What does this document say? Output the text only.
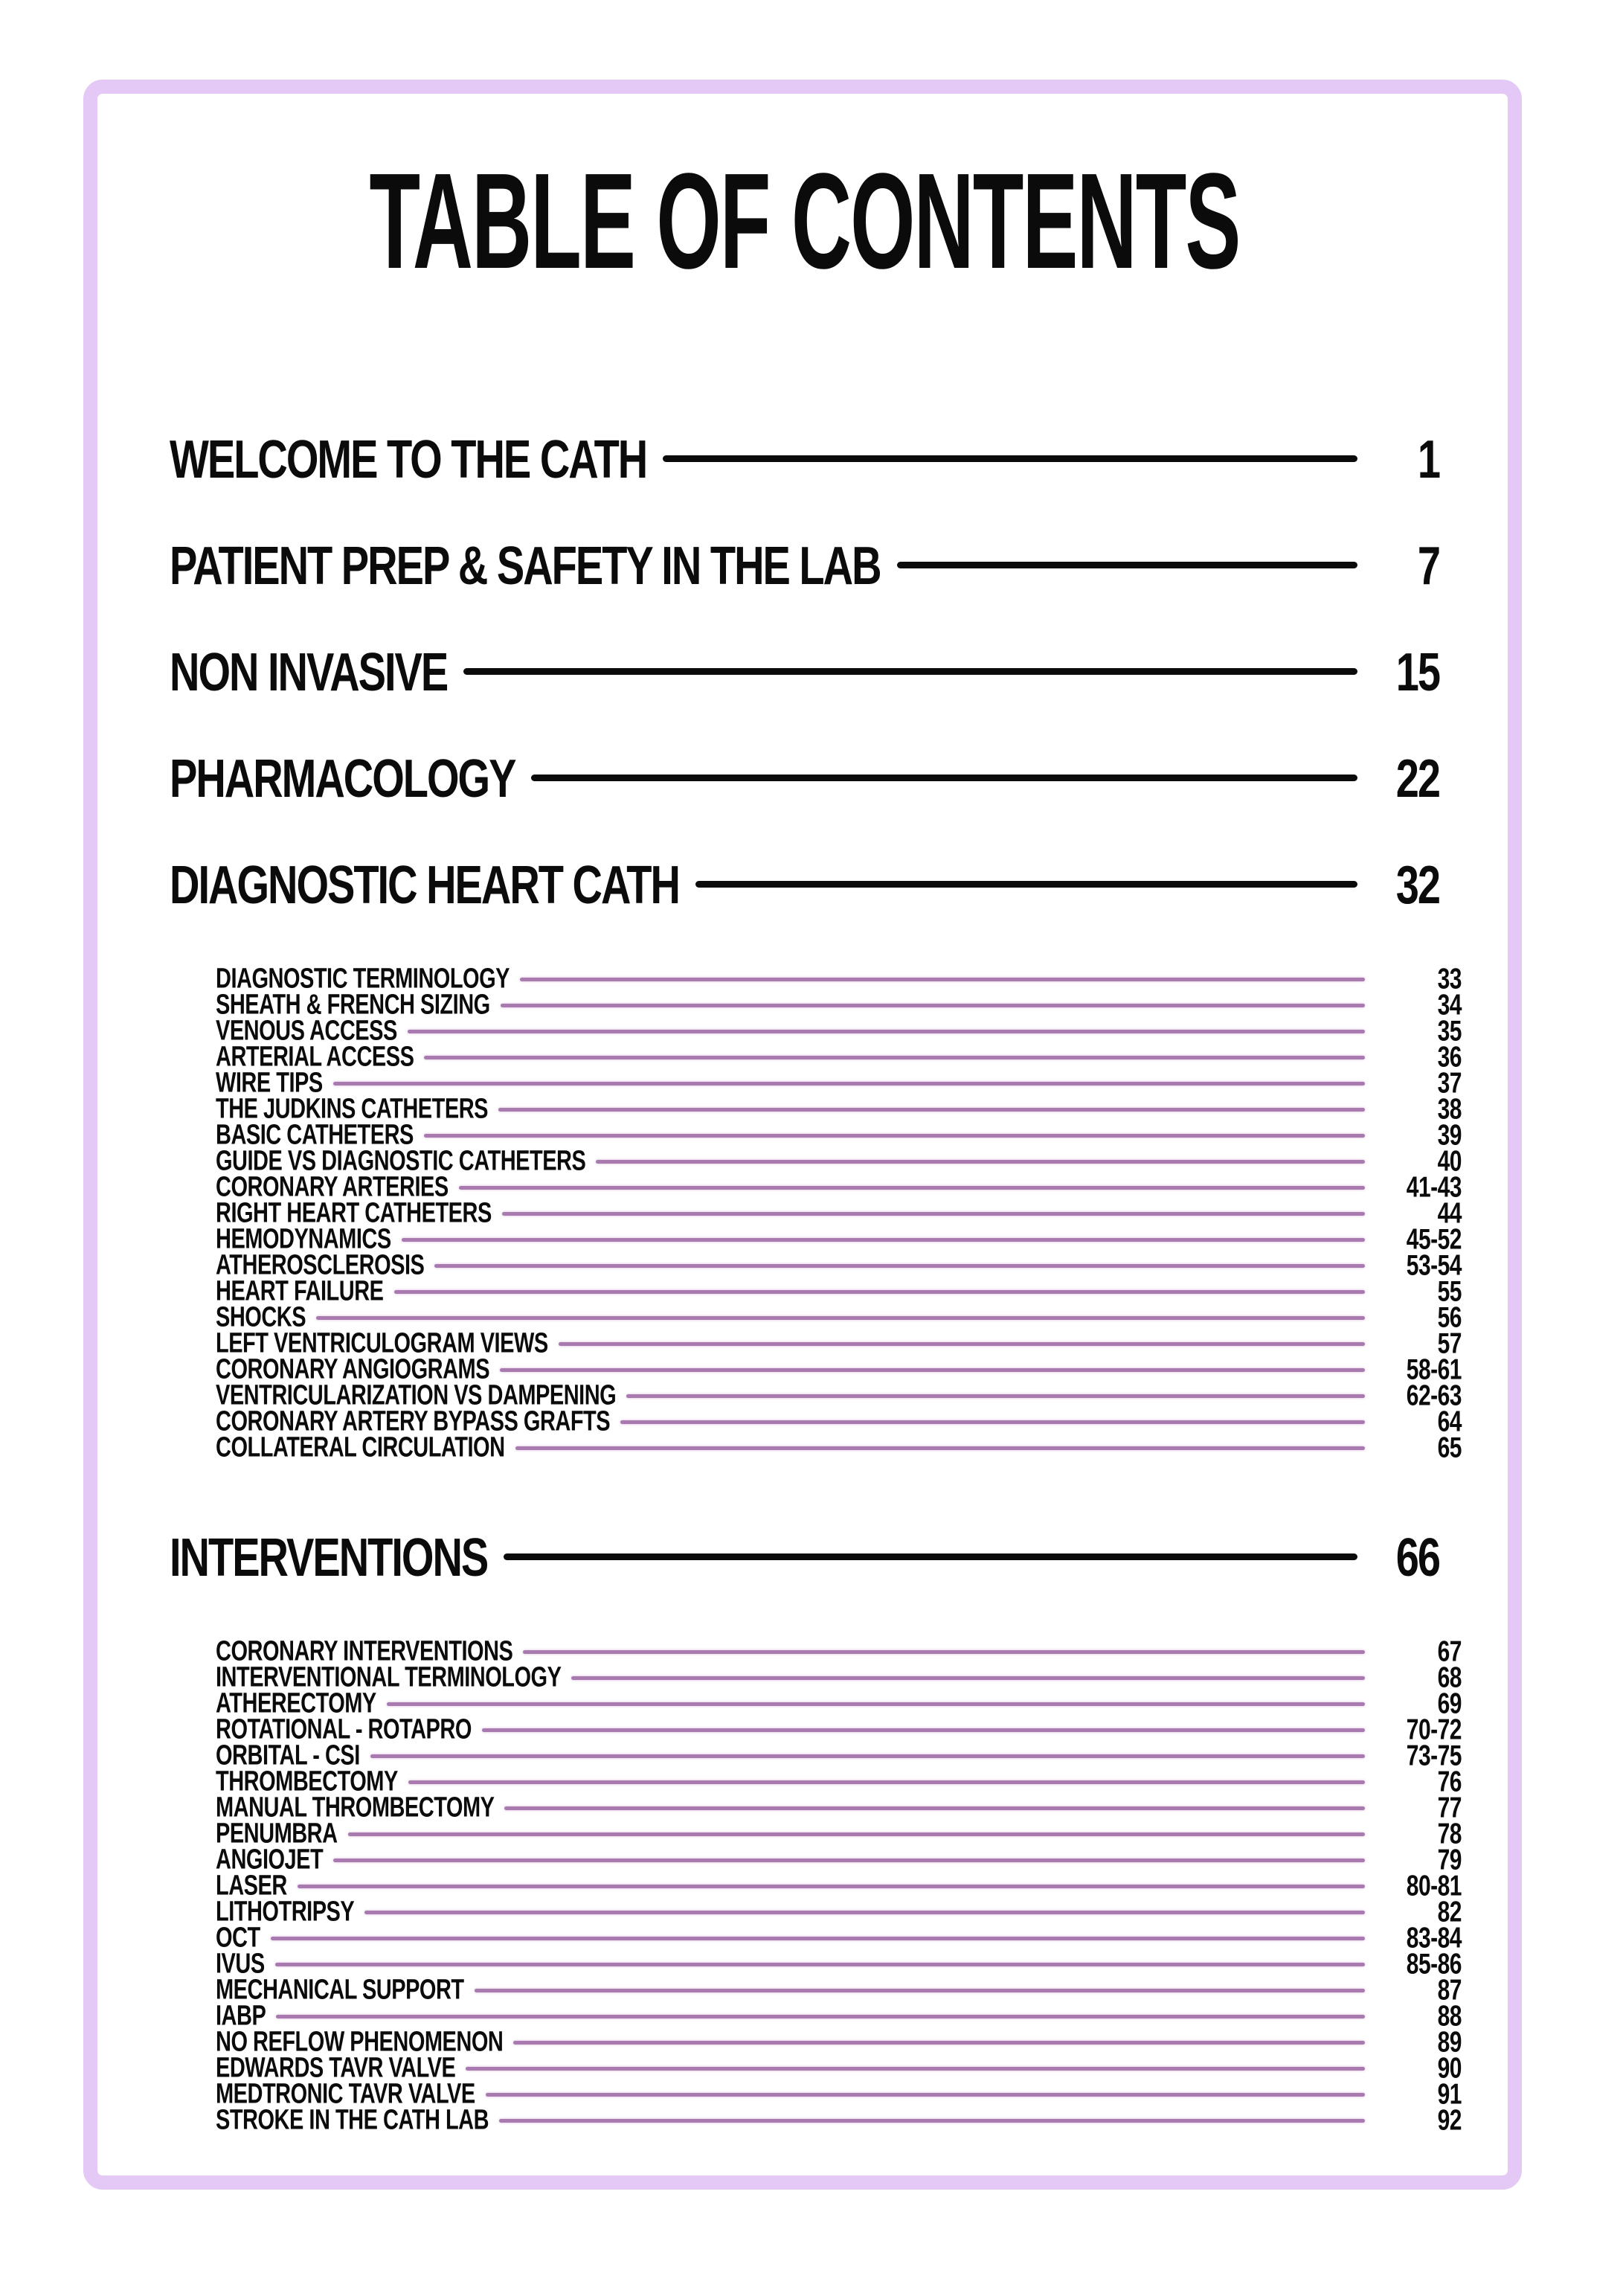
TABLE OF CONTENTS
WELCOME TO THE CATH	1
PATIENT PREP & SAFETY IN THE LAB	7
NON INVASIVE	15
PHARMACOLOGY	22
DIAGNOSTIC HEART CATH	32
DIAGNOSTIC TERMINOLOGY	33
SHEATH & FRENCH SIZING	34
VENOUS ACCESS	35
ARTERIAL ACCESS	36
WIRE TIPS	37
THE JUDKINS CATHETERS	38
BASIC CATHETERS	39
GUIDE VS DIAGNOSTIC CATHETERS	40
CORONARY ARTERIES	41-43
RIGHT HEART CATHETERS	44
HEMODYNAMICS	45-52
ATHEROSCLEROSIS	53-54
HEART FAILURE	55
SHOCKS	56
LEFT VENTRICULOGRAM VIEWS	57
CORONARY ANGIOGRAMS	58-61
VENTRICULARIZATION VS DAMPENING	62-63
CORONARY ARTERY BYPASS GRAFTS	64
COLLATERAL CIRCULATION	65
INTERVENTIONS	66
CORONARY INTERVENTIONS	67
INTERVENTIONAL TERMINOLOGY	68
ATHERECTOMY	69
ROTATIONAL - ROTAPRO	70-72
ORBITAL - CSI	73-75
THROMBECTOMY	76
MANUAL THROMBECTOMY	77
PENUMBRA	78
ANGIOJET	79
LASER	80-81
LITHOTRIPSY	82
OCT	83-84
IVUS	85-86
MECHANICAL SUPPORT	87
IABP	88
NO REFLOW PHENOMENON	89
EDWARDS TAVR VALVE	90
MEDTRONIC TAVR VALVE	91
STROKE IN THE CATH LAB	92
